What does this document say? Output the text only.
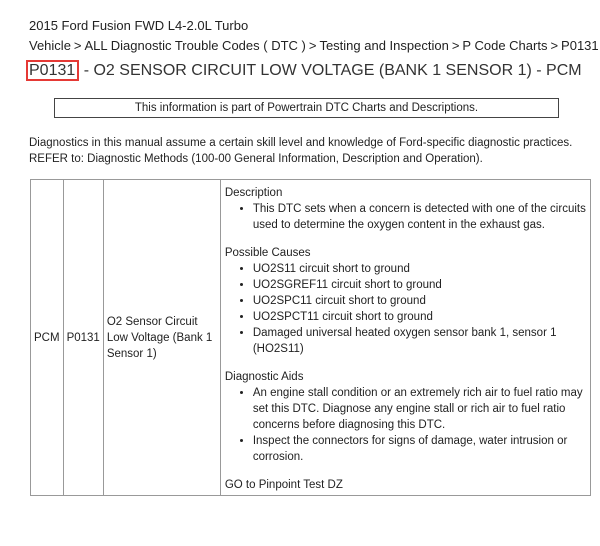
2015 Ford Fusion FWD L4-2.0L Turbo
Vehicle > ALL Diagnostic Trouble Codes ( DTC ) > Testing and Inspection > P Code Charts > P0131
P0131 - O2 SENSOR CIRCUIT LOW VOLTAGE (BANK 1 SENSOR 1) - PCM
This information is part of Powertrain DTC Charts and Descriptions.
Diagnostics in this manual assume a certain skill level and knowledge of Ford-specific diagnostic practices.
REFER to: Diagnostic Methods (100-00 General Information, Description and Operation).
PCM	P0131	O2 Sensor Circuit Low Voltage (Bank 1 Sensor 1)	
Description
• This DTC sets when a concern is detected with one of the circuits used to determine the oxygen content in the exhaust gas.
Possible Causes
• UO2S11 circuit short to ground
• UO2SGREF11 circuit short to ground
• UO2SPC11 circuit short to ground
• UO2SPCT11 circuit short to ground
• Damaged universal heated oxygen sensor bank 1, sensor 1 (HO2S11)
Diagnostic Aids
• An engine stall condition or an extremely rich air to fuel ratio may set this DTC. Diagnose any engine stall or rich air to fuel ratio concerns before diagnosing this DTC.
• Inspect the connectors for signs of damage, water intrusion or corrosion.
GO to Pinpoint Test DZ
